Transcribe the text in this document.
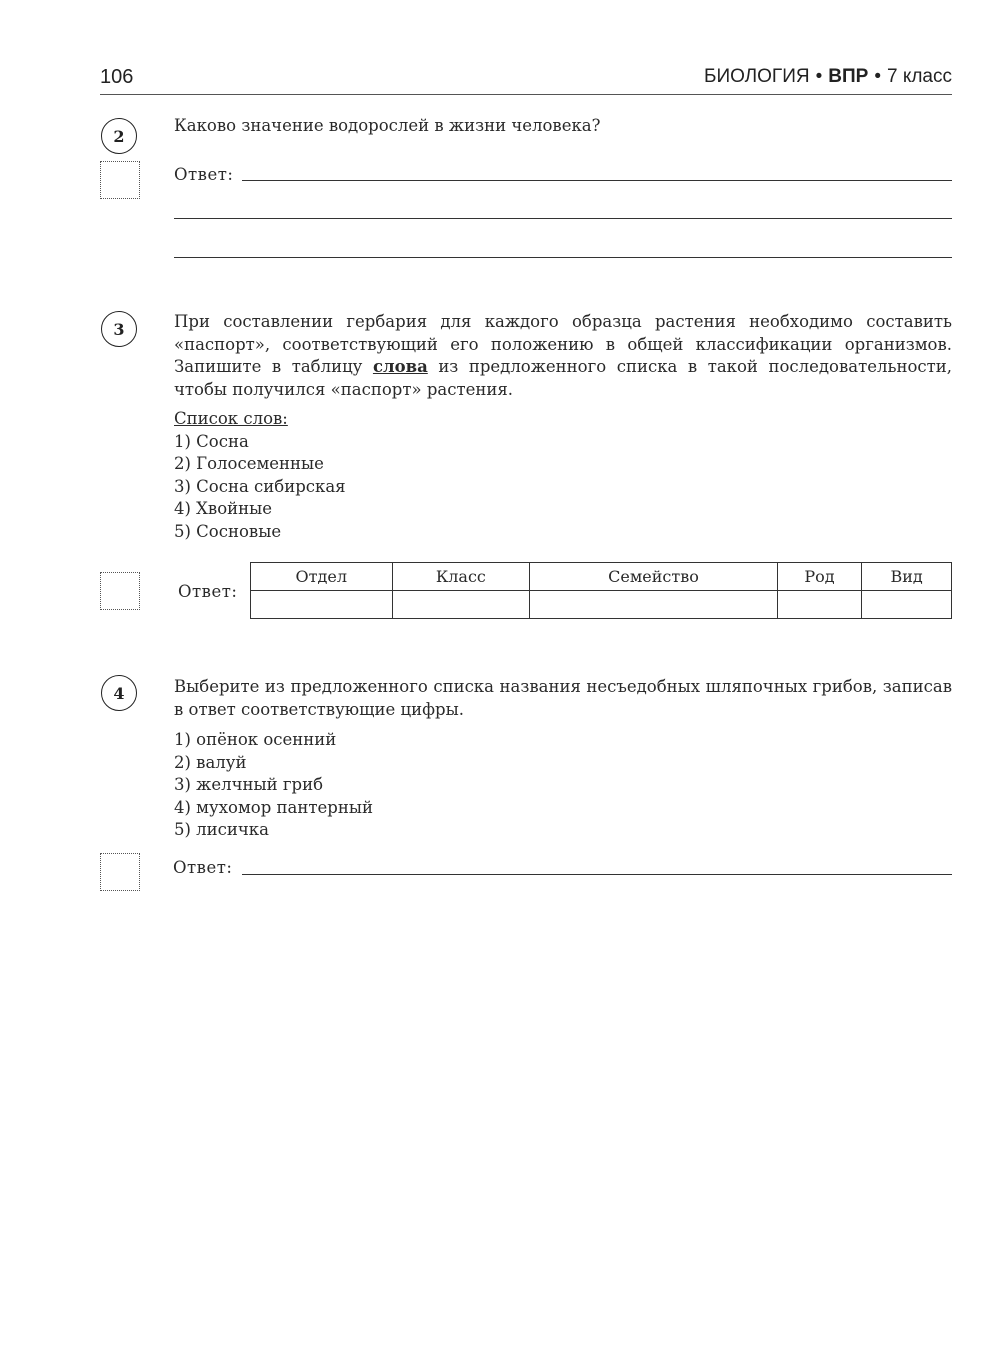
106	БИОЛОГИЯ • ВПР • 7 класс
2
Каково значение водорослей в жизни человека?
Ответ:
3	При составлении гербария для каждого образца растения необходимо составить «паспорт», соответствующий его положению в общей классификации организмов. Запишите в таблицу слова из предложенного списка в такой последовательности, чтобы получился «паспорт» растения.
Список слов:
1) Сосна
2) Голосеменные
3) Сосна сибирская
4) Хвойные
5) Сосновые
Ответ:
Отдел	Класс	Семейство	Род	Вид

4	Выберите из предложенного списка названия несъедобных шляпочных грибов, записав в ответ соответствующие цифры.
1) опёнок осенний
2) валуй
3) желчный гриб
4) мухомор пантерный
5) лисичка
Ответ:
